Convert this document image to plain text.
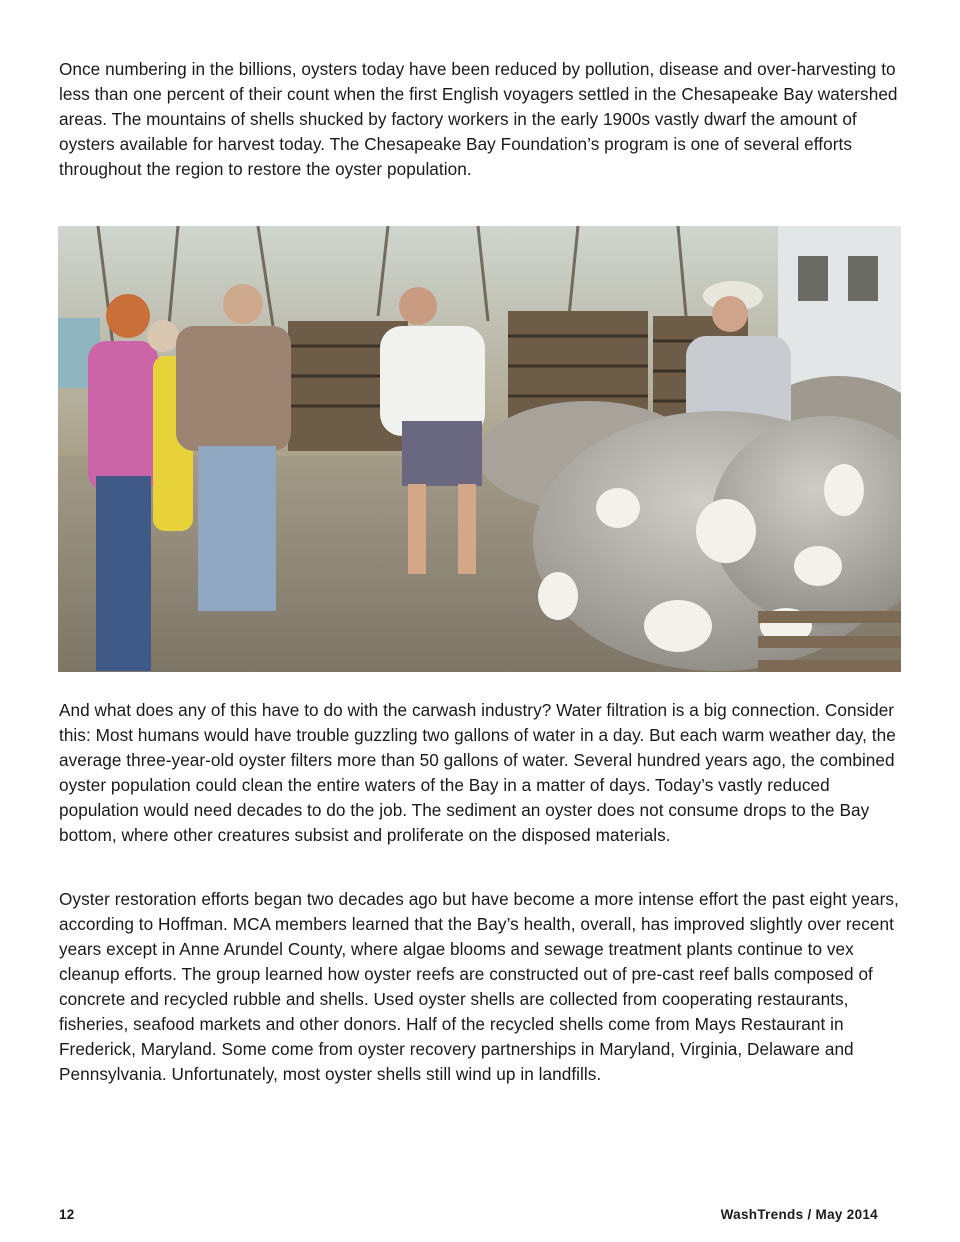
Once numbering in the billions, oysters today have been reduced by pollution, disease and over-harvesting to less than one percent of their count when the first English voyagers settled in the Chesapeake Bay watershed areas. The mountains of shells shucked by factory workers in the early 1900s vastly dwarf the amount of oysters available for harvest today. The Chesapeake Bay Foundation’s program is one of several efforts throughout the region to restore the oyster population.

And what does any of this have to do with the carwash industry? Water filtration is a big connection. Consider this: Most humans would have trouble guzzling two gallons of water in a day. But each warm weather day, the average three-year-old oyster filters more than 50 gallons of water. Several hundred years ago, the combined oyster population could clean the entire waters of the Bay in a matter of days. Today’s vastly reduced population would need decades to do the job. The sediment an oyster does not consume drops to the Bay bottom, where other creatures subsist and proliferate on the disposed materials.

Oyster restoration efforts began two decades ago but have become a more intense effort the past eight years, according to Hoffman. MCA members learned that the Bay’s health, overall, has improved slightly over recent years except in Anne Arundel County, where algae blooms and sewage treatment plants continue to vex cleanup efforts. The group learned how oyster reefs are constructed out of pre-cast reef balls composed of concrete and recycled rubble and shells. Used oyster shells are collected from cooperating restaurants, fisheries, seafood markets and other donors. Half of the recycled shells come from Mays Restaurant in Frederick, Maryland. Some come from oyster recovery partnerships in Maryland, Virginia, Delaware and Pennsylvania. Unfortunately, most oyster shells still wind up in landfills.

12	WashTrends / May 2014
